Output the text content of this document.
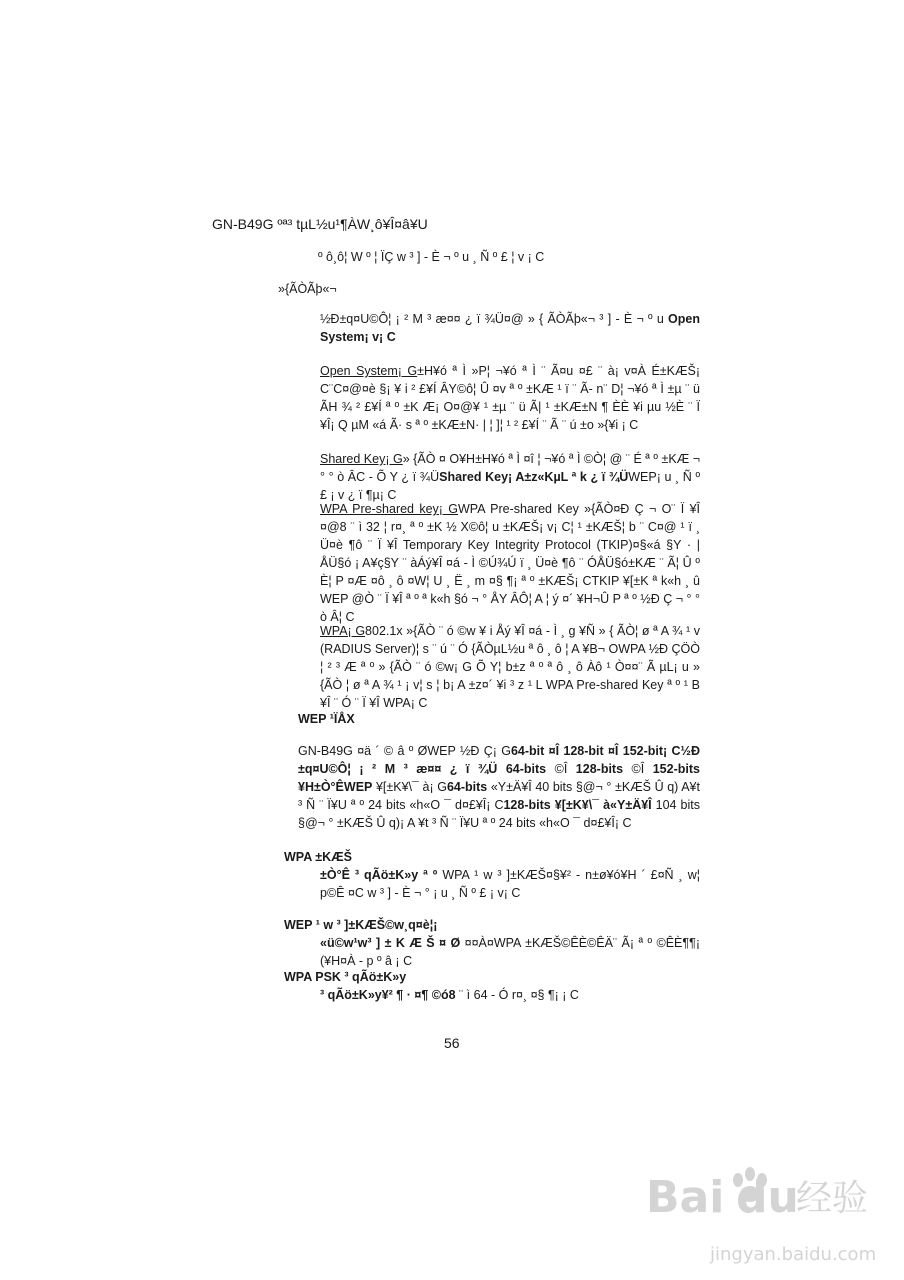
GN-B49G ºª³ tµL½u¹¶ÀW¸ô¥Î¤â¥U
º ô¸ô¦ W º ¦ ÏÇ w ³ ] - È ¬ º u ¸ Ñ º £ ¦ v ¡ C
»{ÃÒÃþ«¬
½Ð±q¤U©Ô¦ ¡ ² M ³ æ¤¤ ¿ ï ¾Ü¤@ » { ÃÒÃþ«¬ ³ ] - È ¬ º u Open System¡ v¡ C
Open System¡ G±H¥ó ª Ì »P¦ ¬¥ó ª Ì ¨ Ã¤u ¤£ ¨ à¡ v¤À É±KÆŠ¡ C¨C¤@¤è §¡ ¥ i ² £¥Í ÂY©ô¦ Û ¤v ª º ±KÆ ¹ ï ¨ Ã- n¨ D¦ ¬¥ó ª Ì ±µ ¨ ü ÃH ¾ ² £¥Í ª º ±K Æ¡ O¤@¥ ¹ ±µ ¨ ü Ã| ¹ ±KÆ±N ¶ ÈÈ ¥i µu ½È ¨ Ï ¥Î¡ Q µM «á Ã· s ª º ±KÆ±N· | ¦ ]¦ ¹ ² £¥Í ¨ Ã ¨ ú ±o »{¥i ¡ C
Shared Key¡ G» {ÃÒ ¤ O¥H±H¥ó ª Ì ¤î ¦ ¬¥ó ª Ì ©Ò¦ @ ¨ É ª º ±KÆ ¬ ° ° ò ÂC - Õ Y ¿ ï ¾ÜShared Key¡ A±z«KµL ª k ¿ ï ¾ÜWEP¡ u ¸ Ñ º £ ¡ v ¿ ï ¶µ¡ C
WPA Pre-shared key¡ GWPA Pre-shared Key »{ÃÒ¤Ð Ç ¬ O¨ Ï ¥Î ¤@8 ¨ ì 32 ¦ r¤¸ ª º ±K ½ X©ô¦ u ±KÆŠ¡ v¡ C¦ ¹ ±KÆŠ¦ b ¨ C¤@ ¹ ï ¸ Ü¤è ¶ô ¨ Ï ¥Î Temporary Key Integrity Protocol (TKIP)¤§«á §Y · |ÅÜ§ó ¡ A¥ç§Y ¨ àÁý¥Î ¤á - Ì ©Ú¾Ú ï ¸ Ü¤è ¶ô ¨ ÓÅÜ§ó±KÆ ¨ Ã¦ Û º È¦ P ¤Æ ¤ô ¸ ô ¤W¦ U ¸ Ë ¸ m ¤§ ¶¡ ª º ±KÆŠ¡ CTKIP ¥[±K ª k«h ¸ û WEP @Ò ¨ Ï ¥Î ª º ª k«h §ó ¬ ° ÅY ÂÔ¦ A ¦ ý ¤´ ¥H¬Û P ª º ½Ð Ç ¬ ° ° ò Â¦ C
WPA¡ G802.1x »{ÃÒ ¨ ó ©w ¥ i Åý ¥Î ¤á - Ì ¸ g ¥Ñ » { ÃÒ¦ ø ª A ¾ ¹ v (RADIUS Server)¦ s ¨ ú ¨ Ó {ÃÒµL½u ª ô ¸ ô ¦ A ¥B¬ OWPA ½Ð ÇÖÒ ¦ ² ³ Æ ª º » {ÃÒ ¨ ó ©w¡ G Õ Y¦ b±z ª º ª ô ¸ ô Àô ¹ Ò¤¤¨ Ã µL¡ u » {ÃÒ ¦ ø ª A ¾ ¹ ¡ v¦ s ¦ b¡ A ±z¤´ ¥i ³ z ¹ L WPA Pre-shared Key ª º ¹ B ¥Î ¨ Ó ¨ Ï ¥Î WPA¡ C
WEP ¹ÏÅX
GN-B49G ¤ä ´ © â º ØWEP ½Ð Ç¡ G64-bit ¤Î 128-bit ¤Î 152-bit¡ C½Ð ±q¤U©Ô¦ ¡ ² M ³ æ¤¤ ¿ ï ¾Ü 64-bits ©Î 128-bits ©Î 152-bits ¥H±Ò°ÊWEP ¥[±K¥\¯ à¡ G64-bits «Y±Ä¥Î 40 bits §@¬ ° ±KÆŠ Û q) A¥t ³ Ñ ¨ Ï¥U ª º 24 bits «h«O ¯ d¤£¥Î¡ C128-bits ¥[±K¥\¯ à«Y±Ä¥Î 104 bits §@¬ ° ±KÆŠ Û q)¡ A ¥t ³ Ñ ¨ Ï¥U ª º 24 bits «h«O ¯ d¤£¥Î¡ C
WPA ±KÆŠ
±Ò°Ê ³ qÃö±K»y ª º WPA ¹ w ³ ]±KÆŠ¤§¥² - n±ø¥ó¥H ´ £¤Ñ ¸ w¦ p©Ê ¤C w ³ ] - È ¬ ° ¡ u ¸ Ñ º £ ¡ v¡ C
WEP ¹ w ³ ]±KÆŠ©w¸q¤è¦¡
«ü©w¹w³ ] ± K Æ Š ¤ Ø ¤¤À¤WPA ±KÆŠ©ÊÈ©ÊÄ¨ Ã¡ ª º ©ÊÈ¶¶¡ (¥H¤À - p º â ¡ C
WPA PSK ³ qÃö±K»y
³ qÃö±K»y¥² ¶ · ¤¶ ©ó8 ¨ ì 64 - Ó r¤¸ ¤§ ¶¡ ¡ C
56
Bai du
经验
jingyan.baidu.com
